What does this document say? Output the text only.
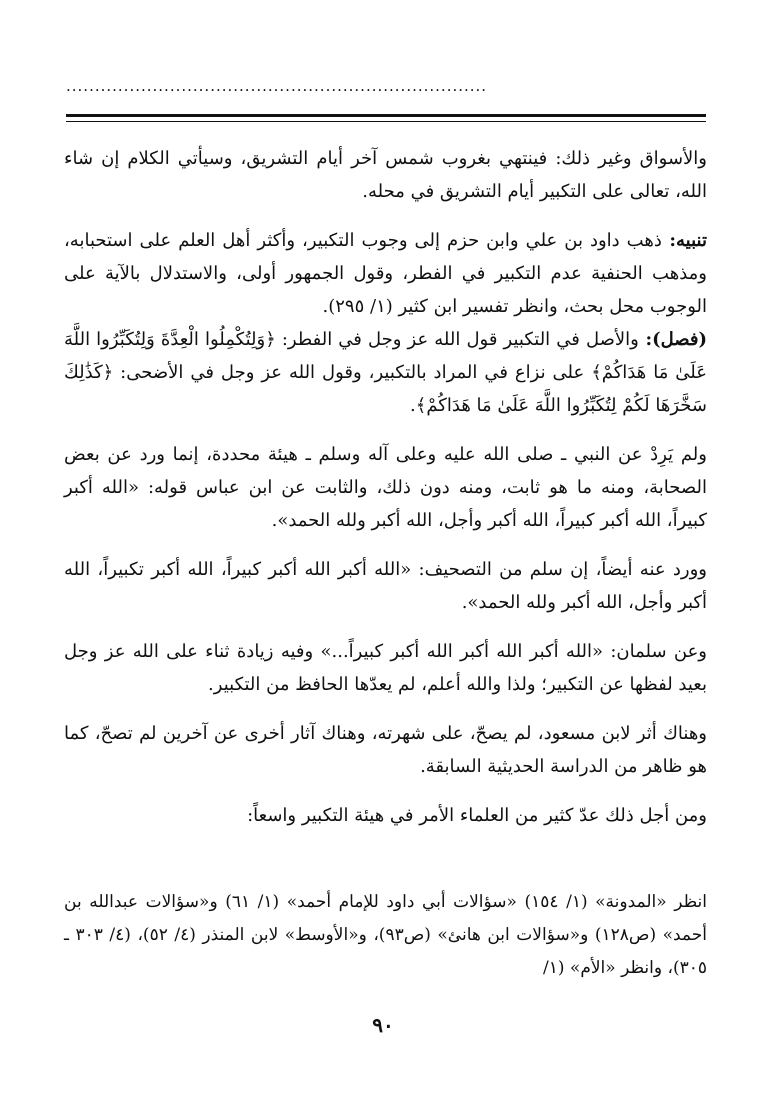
.........................................................................

والأسواق وغير ذلك: فينتهي بغروب شمس آخر أيام التشريق، وسيأتي الكلام إن شاء الله، تعالى على التكبير أيام التشريق في محله.

تنبيه: ذهب داود بن علي وابن حزم إلى وجوب التكبير، وأكثر أهل العلم على استحبابه، ومذهب الحنفية عدم التكبير في الفطر، وقول الجمهور أولى، والاستدلال بالآية على الوجوب محل بحث، وانظر تفسير ابن كثير (١/ ٢٩٥).

(فصل): والأصل في التكبير قول الله عز وجل في الفطر: ﴿وَلِتُكْمِلُوا الْعِدَّةَ وَلِتُكَبِّرُوا اللَّهَ عَلَىٰ مَا هَدَاكُمْ﴾ على نزاع في المراد بالتكبير، وقول الله عز وجل في الأضحى: ﴿كَذَٰلِكَ سَخَّرَهَا لَكُمْ لِتُكَبِّرُوا اللَّهَ عَلَىٰ مَا هَدَاكُمْ﴾.

ولم يَرِدْ عن النبي ـ صلى الله عليه وعلى آله وسلم ـ هيئة محددة، إنما ورد عن بعض الصحابة، ومنه ما هو ثابت، ومنه دون ذلك، والثابت عن ابن عباس قوله: «الله أكبر كبيراً، الله أكبر كبيراً، الله أكبر وأجل، الله أكبر ولله الحمد».

وورد عنه أيضاً، إن سلم من التصحيف: «الله أكبر الله أكبر كبيراً، الله أكبر تكبيراً، الله أكبر وأجل، الله أكبر ولله الحمد».

وعن سلمان: «الله أكبر الله أكبر الله أكبر كبيراً...» وفيه زيادة ثناء على الله عز وجل بعيد لفظها عن التكبير؛ ولذا والله أعلم، لم يعدّها الحافظ من التكبير.

وهناك أثر لابن مسعود، لم يصحّ، على شهرته، وهناك آثار أخرى عن آخرين لم تصحّ، كما هو ظاهر من الدراسة الحديثية السابقة.

ومن أجل ذلك عدّ كثير من العلماء الأمر في هيئة التكبير واسعاً:

انظر «المدونة» (١/ ١٥٤) «سؤالات أبي داود للإمام أحمد» (١/ ٦١) و«سؤالات عبدالله بن أحمد» (ص١٢٨) و«سؤالات ابن هانئ» (ص٩٣)، و«الأوسط» لابن المنذر (٤/ ٥٢)، (٤/ ٣٠٣ ـ ٣٠٥)، وانظر «الأم» (١/

٩٠
